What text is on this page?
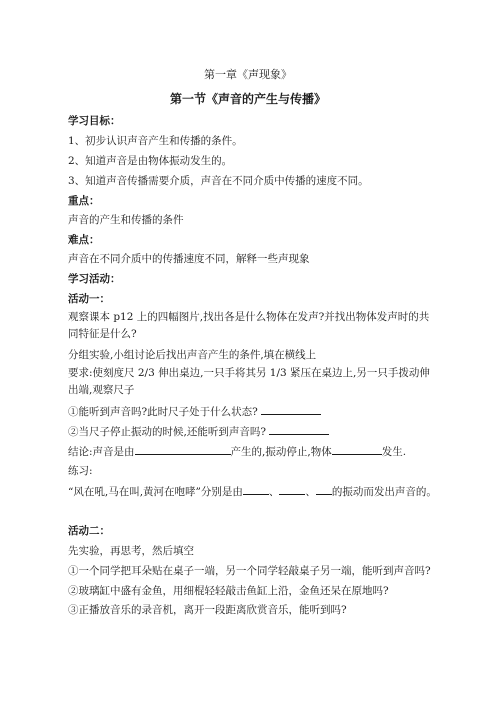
第一章《声现象》
第一节《声音的产生与传播》
学习目标：
1、初步认识声音产生和传播的条件。
2、知道声音是由物体振动发生的。
3、知道声音传播需要介质，声音在不同介质中传播的速度不同。
重点：
声音的产生和传播的条件
难点：
声音在不同介质中的传播速度不同，解释一些声现象
学习活动：
活动一：
观察课本 p12 上的四幅图片,找出各是什么物体在发声?并找出物体发声时的共同特征是什么?
分组实验,小组讨论后找出声音产生的条件,填在横线上
要求:使刻度尺 2/3 伸出桌边,一只手将其另 1/3 紧压在桌边上,另一只手拨动伸出端,观察尺子
①能听到声音吗?此时尺子处于什么状态?
②当尺子停止振动的时候,还能听到声音吗?
结论:声音是由	产生的,振动停止,物体	发生.
练习:
“风在吼,马在叫,黄河在咆哮”分别是由 、 、 的振动而发出声音的。
活动二：
先实验，再思考，然后填空
①一个同学把耳朵贴在桌子一端，另一个同学轻敲桌子另一端，能听到声音吗?
②玻璃缸中盛有金鱼，用细棍轻轻敲击鱼缸上沿，金鱼还呆在原地吗?
③正播放音乐的录音机，离开一段距离欣赏音乐，能听到吗?
